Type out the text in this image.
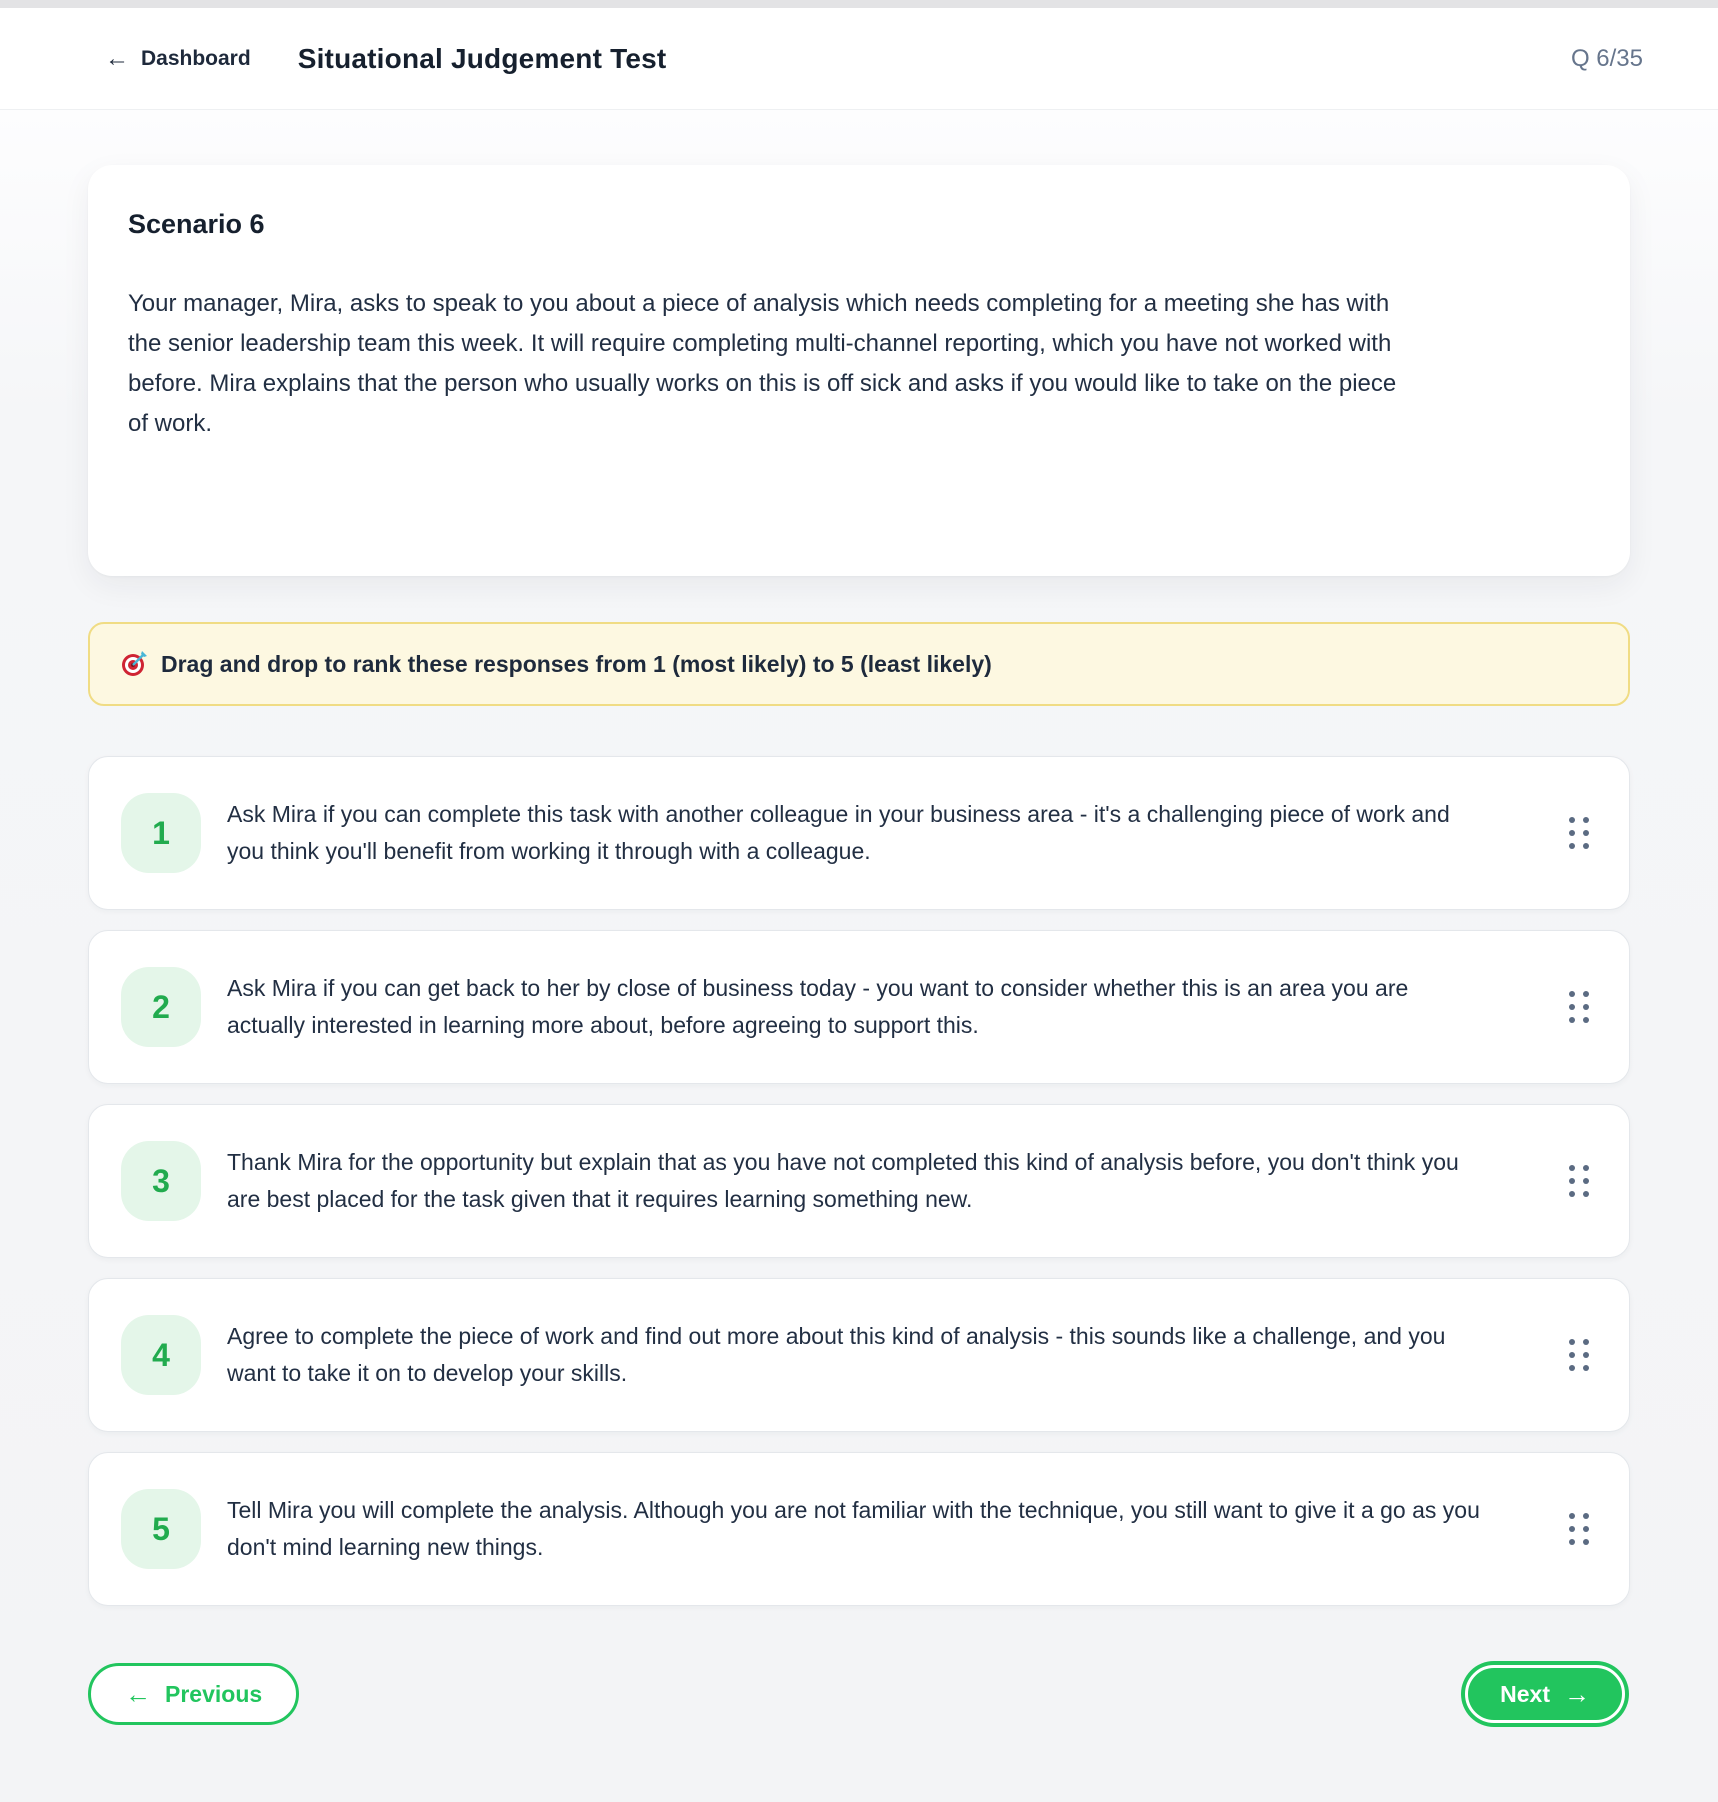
← Dashboard Situational Judgement Test	Q 6/35
Scenario 6

Your manager, Mira, asks to speak to you about a piece of analysis which needs completing for a meeting she has with the senior leadership team this week. It will require completing multi-channel reporting, which you have not worked with before. Mira explains that the person who usually works on this is off sick and asks if you would like to take on the piece of work.

Drag and drop to rank these responses from 1 (most likely) to 5 (least likely)
1
Ask Mira if you can complete this task with another colleague in your business area - it's a challenging piece of work and you think you'll benefit from working it through with a colleague.
2
Ask Mira if you can get back to her by close of business today - you want to consider whether this is an area you are actually interested in learning more about, before agreeing to support this.
3
Thank Mira for the opportunity but explain that as you have not completed this kind of analysis before, you don't think you are best placed for the task given that it requires learning something new.
4
Agree to complete the piece of work and find out more about this kind of analysis - this sounds like a challenge, and you want to take it on to develop your skills.
5
Tell Mira you will complete the analysis. Although you are not familiar with the technique, you still want to give it a go as you don't mind learning new things.
← Previous	Next →
